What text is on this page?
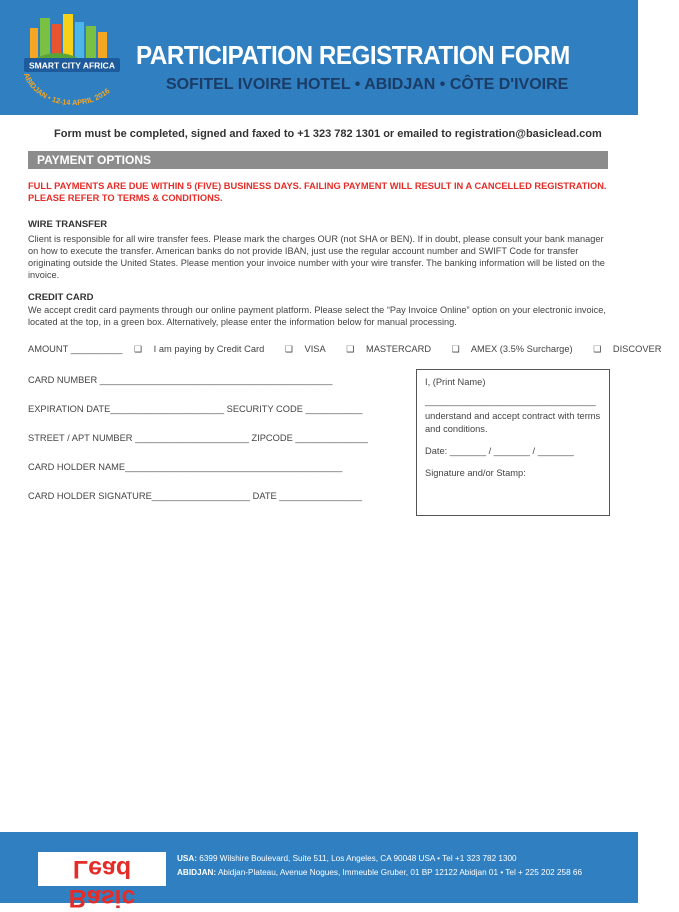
SMART CITY AFRICA
ABIDJAN • 12-14 APRIL 2016
PARTICIPATION REGISTRATION FORM
SOFITEL IVOIRE HOTEL • ABIDJAN • CÔTE D'IVOIRE
Form must be completed, signed and faxed to +1 323 782 1301 or emailed to registration@basiclead.com
PAYMENT OPTIONS
FULL PAYMENTS ARE DUE WITHIN 5 (FIVE) BUSINESS DAYS. FAILING PAYMENT WILL RESULT IN A CANCELLED REGISTRATION. PLEASE REFER TO TERMS & CONDITIONS.
WIRE TRANSFER
Client is responsible for all wire transfer fees. Please mark the charges OUR (not SHA or BEN). If in doubt, please consult your bank manager on how to execute the transfer. American banks do not provide IBAN, just use the regular account number and SWIFT Code for transfer originating outside the United States. Please mention your invoice number with your wire transfer. The banking information will be listed on the invoice.
CREDIT CARD
We accept credit card payments through our online payment platform. Please select the “Pay Invoice Online” option on your electronic invoice, located at the top, in a green box. Alternatively, please enter the information below for manual processing.
AMOUNT __________ ❑ I am paying by Credit Card ❑ VISA ❑ MASTERCARD ❑ AMEX (3.5% Surcharge) ❑ DISCOVER
CARD NUMBER _____________________________________________
EXPIRATION DATE______________________ SECURITY CODE ___________
STREET / APT NUMBER ______________________ ZIPCODE ______________
CARD HOLDER NAME__________________________________________
CARD HOLDER SIGNATURE___________________ DATE ________________
I, (Print Name)
_________________________________
understand and accept contract with terms and conditions.
Date: _______ / _______ / _______
Signature and/or Stamp:
Basic Lead	USA: 6399 Wilshire Boulevard, Suite 511, Los Angeles, CA 90048 USA • Tel +1 323 782 1300
ABIDJAN: Abidjan-Plateau, Avenue Nogues, Immeuble Gruber, 01 BP 12122 Abidjan 01 • Tel + 225 202 258 66
